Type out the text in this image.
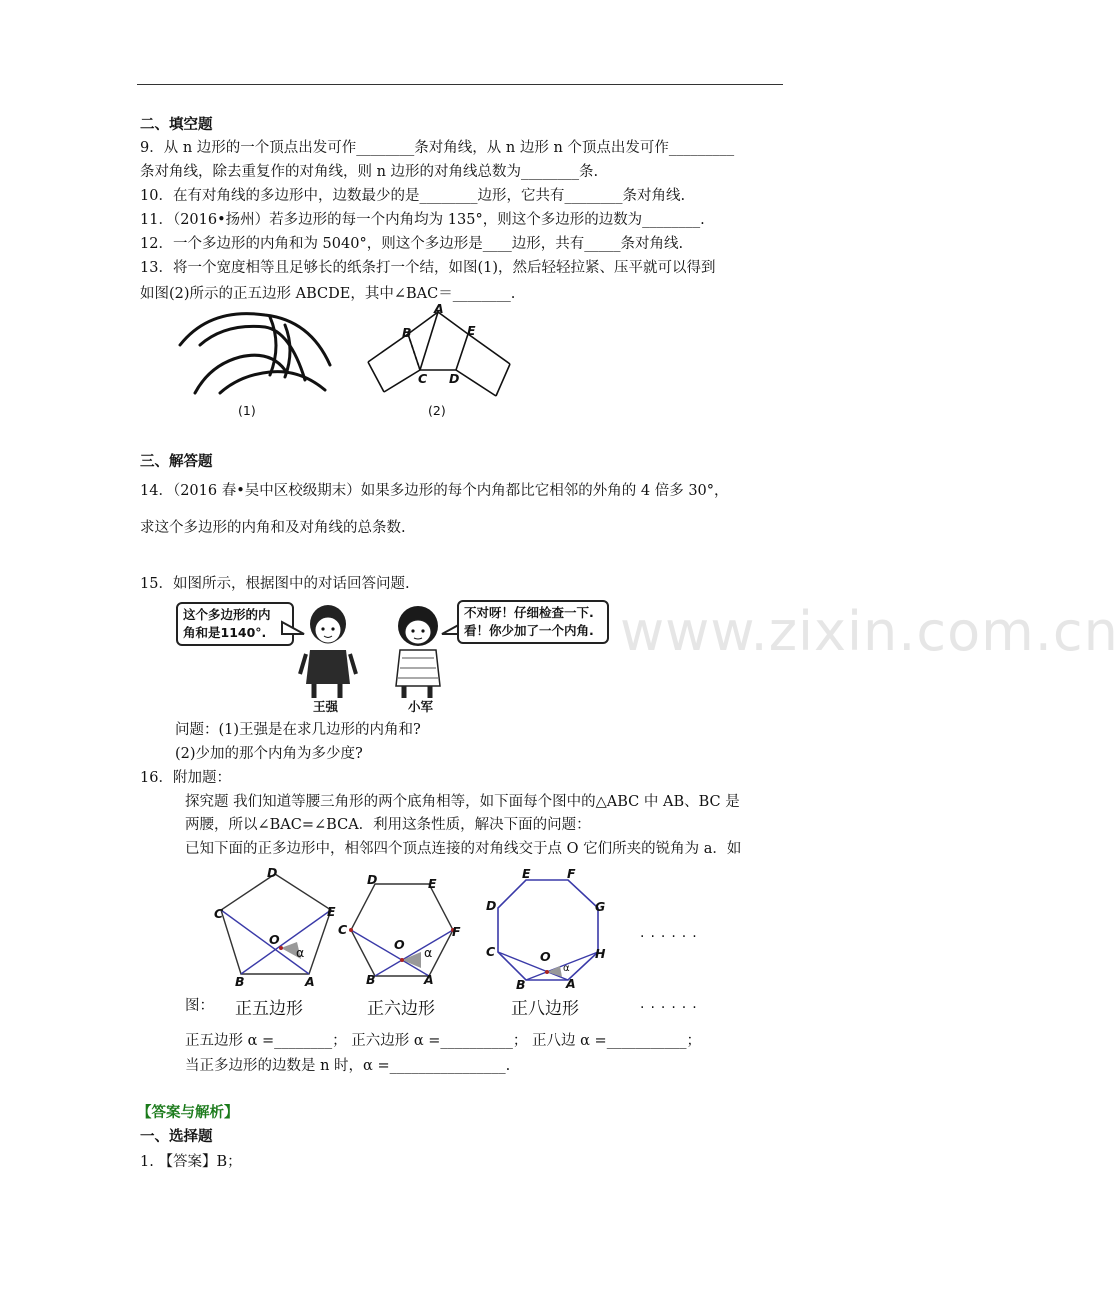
二、填空题
9．从 n 边形的一个顶点出发可作________条对角线，从 n 边形 n 个顶点出发可作_________
条对角线，除去重复作的对角线，则 n 边形的对角线总数为________条.
10．在有对角线的多边形中，边数最少的是________边形，它共有________条对角线.
11．（2016•扬州）若多边形的每一个内角均为 135°，则这个多边形的边数为________.
12．一个多边形的内角和为 5040°，则这个多边形是____边形，共有_____条对角线.
13．将一个宽度相等且足够长的纸条打一个结，如图(1)，然后轻轻拉紧、压平就可以得到
如图(2)所示的正五边形 ABCDE，其中∠BAC＝________.
(1)
A
B
C D
E
(2)
三、解答题
14．（2016 春•吴中区校级期末）如果多边形的每个内角都比它相邻的外角的 4 倍多 30°，
求这个多边形的内角和及对角线的总条数.
15．如图所示，根据图中的对话回答问题.
www.zixin.com.cn
这个多边形的内
角和是1140°.
不对呀！仔细检查一下.
看！你少加了一个内角.
王强	小军
问题：(1)王强是在求几边形的内角和?
(2)少加的那个内角为多少度?
16．附加题：
探究题 我们知道等腰三角形的两个底角相等，如下面每个图中的△ABC 中 AB、BC 是
两腰，所以∠BAC=∠BCA．利用这条性质，解决下面的问题：
已知下面的正多边形中，相邻四个顶点连接的对角线交于点 O 它们所夹的锐角为 a．如
D
C	E
O
α
B	A
D	E
C	F
O
α
B	A
E	F
D	G
C	H
O
α
B	A
......
图： 正五边形	正六边形	正八边形	......
正五边形 α =________； 正六边形 α =__________； 正八边 α =___________；
当正多边形的边数是 n 时，α =________________.
【答案与解析】
一、选择题
1. 【答案】B；
